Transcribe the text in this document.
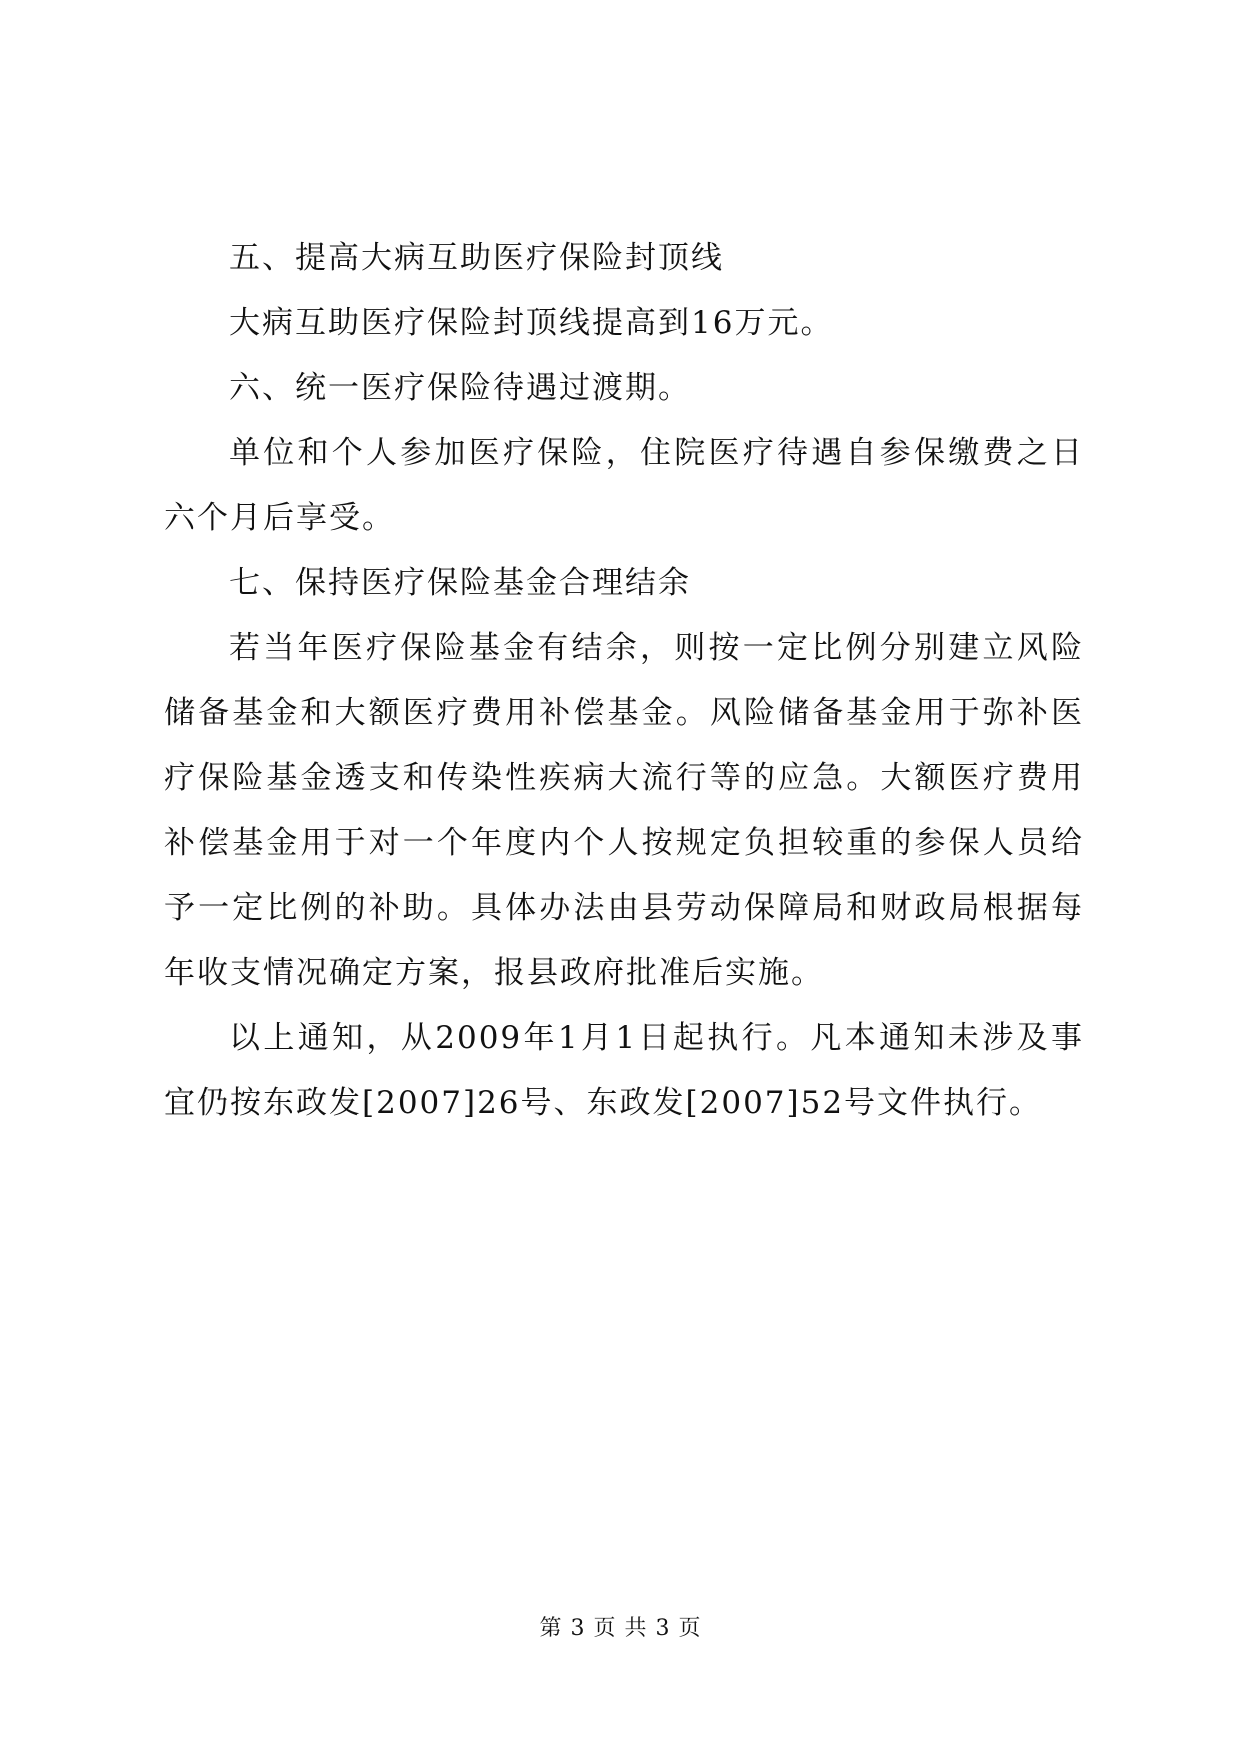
五、提高大病互助医疗保险封顶线

大病互助医疗保险封顶线提高到16万元。

六、统一医疗保险待遇过渡期。

单位和个人参加医疗保险，住院医疗待遇自参保缴费之日六个月后享受。

七、保持医疗保险基金合理结余

若当年医疗保险基金有结余，则按一定比例分别建立风险储备基金和大额医疗费用补偿基金。风险储备基金用于弥补医疗保险基金透支和传染性疾病大流行等的应急。大额医疗费用补偿基金用于对一个年度内个人按规定负担较重的参保人员给予一定比例的补助。具体办法由县劳动保障局和财政局根据每年收支情况确定方案，报县政府批准后实施。

以上通知，从2009年1月1日起执行。凡本通知未涉及事宜仍按东政发[2007]26号、东政发[2007]52号文件执行。

第 3 页 共 3 页
